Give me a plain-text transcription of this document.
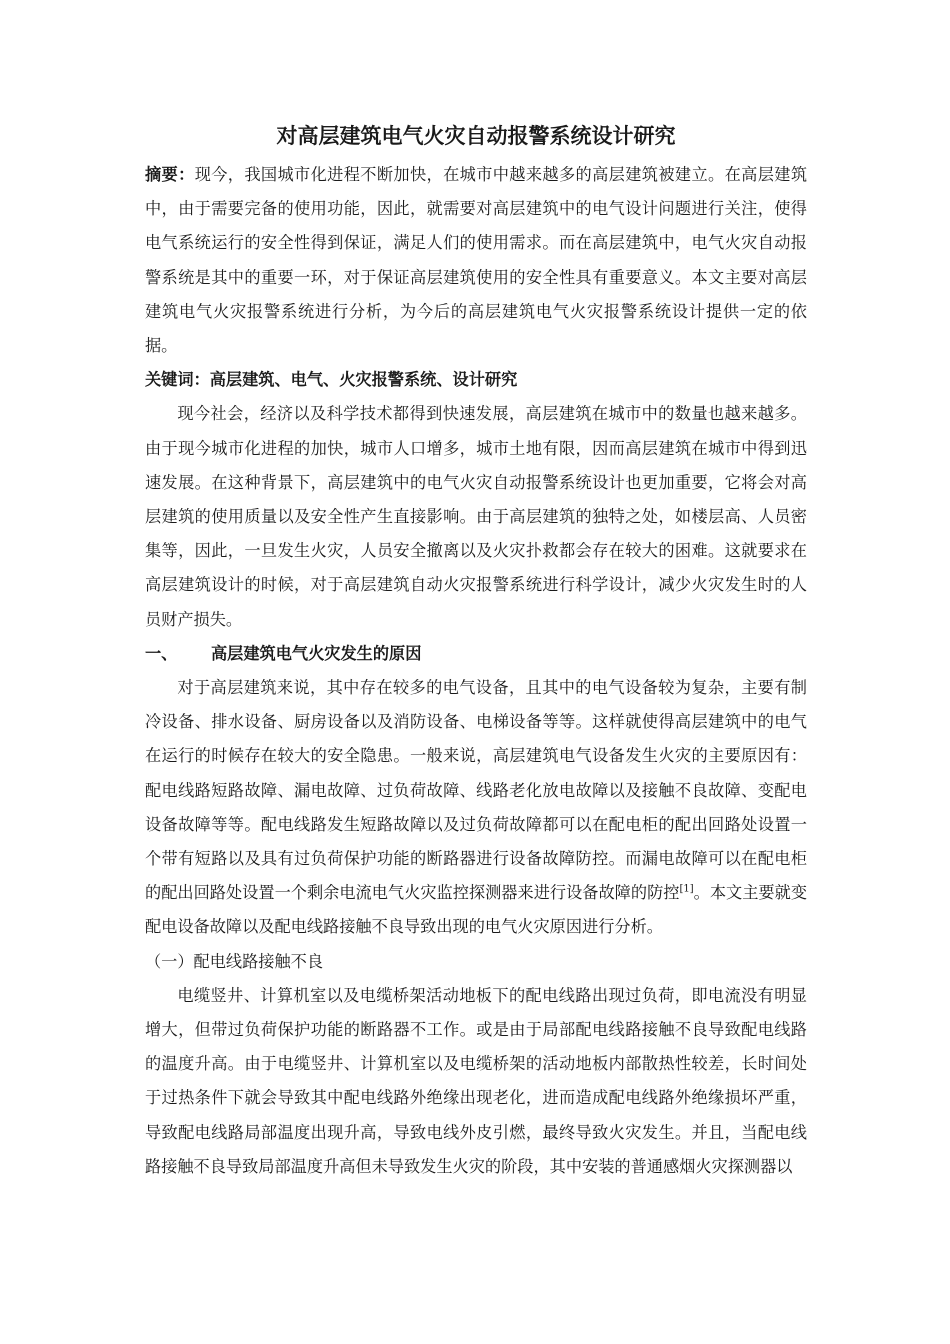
对高层建筑电气火灾自动报警系统设计研究

摘要：现今，我国城市化进程不断加快，在城市中越来越多的高层建筑被建立。在高层建筑中，由于需要完备的使用功能，因此，就需要对高层建筑中的电气设计问题进行关注，使得电气系统运行的安全性得到保证，满足人们的使用需求。而在高层建筑中，电气火灾自动报警系统是其中的重要一环，对于保证高层建筑使用的安全性具有重要意义。本文主要对高层建筑电气火灾报警系统进行分析，为今后的高层建筑电气火灾报警系统设计提供一定的依据。

关键词：高层建筑、电气、火灾报警系统、设计研究

现今社会，经济以及科学技术都得到快速发展，高层建筑在城市中的数量也越来越多。由于现今城市化进程的加快，城市人口增多，城市土地有限，因而高层建筑在城市中得到迅速发展。在这种背景下，高层建筑中的电气火灾自动报警系统设计也更加重要，它将会对高层建筑的使用质量以及安全性产生直接影响。由于高层建筑的独特之处，如楼层高、人员密集等，因此，一旦发生火灾，人员安全撤离以及火灾扑救都会存在较大的困难。这就要求在高层建筑设计的时候，对于高层建筑自动火灾报警系统进行科学设计，减少火灾发生时的人员财产损失。

一、	高层建筑电气火灾发生的原因

对于高层建筑来说，其中存在较多的电气设备，且其中的电气设备较为复杂，主要有制冷设备、排水设备、厨房设备以及消防设备、电梯设备等等。这样就使得高层建筑中的电气在运行的时候存在较大的安全隐患。一般来说，高层建筑电气设备发生火灾的主要原因有：配电线路短路故障、漏电故障、过负荷故障、线路老化放电故障以及接触不良故障、变配电设备故障等等。配电线路发生短路故障以及过负荷故障都可以在配电柜的配出回路处设置一个带有短路以及具有过负荷保护功能的断路器进行设备故障防控。而漏电故障可以在配电柜的配出回路处设置一个剩余电流电气火灾监控探测器来进行设备故障的防控[1]。本文主要就变配电设备故障以及配电线路接触不良导致出现的电气火灾原因进行分析。

（一）配电线路接触不良

电缆竖井、计算机室以及电缆桥架活动地板下的配电线路出现过负荷，即电流没有明显增大，但带过负荷保护功能的断路器不工作。或是由于局部配电线路接触不良导致配电线路的温度升高。由于电缆竖井、计算机室以及电缆桥架的活动地板内部散热性较差，长时间处于过热条件下就会导致其中配电线路外绝缘出现老化，进而造成配电线路外绝缘损坏严重，导致配电线路局部温度出现升高，导致电线外皮引燃，最终导致火灾发生。并且，当配电线路接触不良导致局部温度升高但未导致发生火灾的阶段，其中安装的普通感烟火灾探测器以
